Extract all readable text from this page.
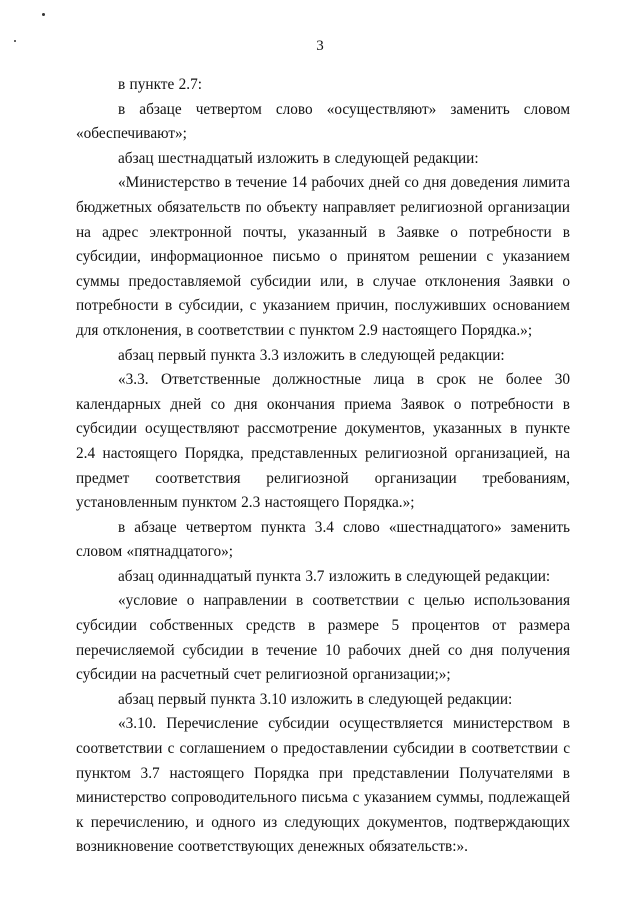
3

в пункте 2.7:

в абзаце четвертом слово «осуществляют» заменить словом «обеспечивают»;

абзац шестнадцатый изложить в следующей редакции:

«Министерство в течение 14 рабочих дней со дня доведения лимита бюджетных обязательств по объекту направляет религиозной организации на адрес электронной почты, указанный в Заявке о потребности в субсидии, информационное письмо о принятом решении с указанием суммы предоставляемой субсидии или, в случае отклонения Заявки о потребности в субсидии, с указанием причин, послуживших основанием для отклонения, в соответствии с пунктом 2.9 настоящего Порядка.»;

абзац первый пункта 3.3 изложить в следующей редакции:

«3.3. Ответственные должностные лица в срок не более 30 календарных дней со дня окончания приема Заявок о потребности в субсидии осуществляют рассмотрение документов, указанных в пункте 2.4 настоящего Порядка, представленных религиозной организацией, на предмет соответствия религиозной организации требованиям, установленным пунктом 2.3 настоящего Порядка.»;

в абзаце четвертом пункта 3.4 слово «шестнадцатого» заменить словом «пятнадцатого»;

абзац одиннадцатый пункта 3.7 изложить в следующей редакции:

«условие о направлении в соответствии с целью использования субсидии собственных средств в размере 5 процентов от размера перечисляемой субсидии в течение 10 рабочих дней со дня получения субсидии на расчетный счет религиозной организации;»;

абзац первый пункта 3.10 изложить в следующей редакции:

«3.10. Перечисление субсидии осуществляется министерством в соответствии с соглашением о предоставлении субсидии в соответствии с пунктом 3.7 настоящего Порядка при представлении Получателями в министерство сопроводительного письма с указанием суммы, подлежащей к перечислению, и одного из следующих документов, подтверждающих возникновение соответствующих денежных обязательств:».
